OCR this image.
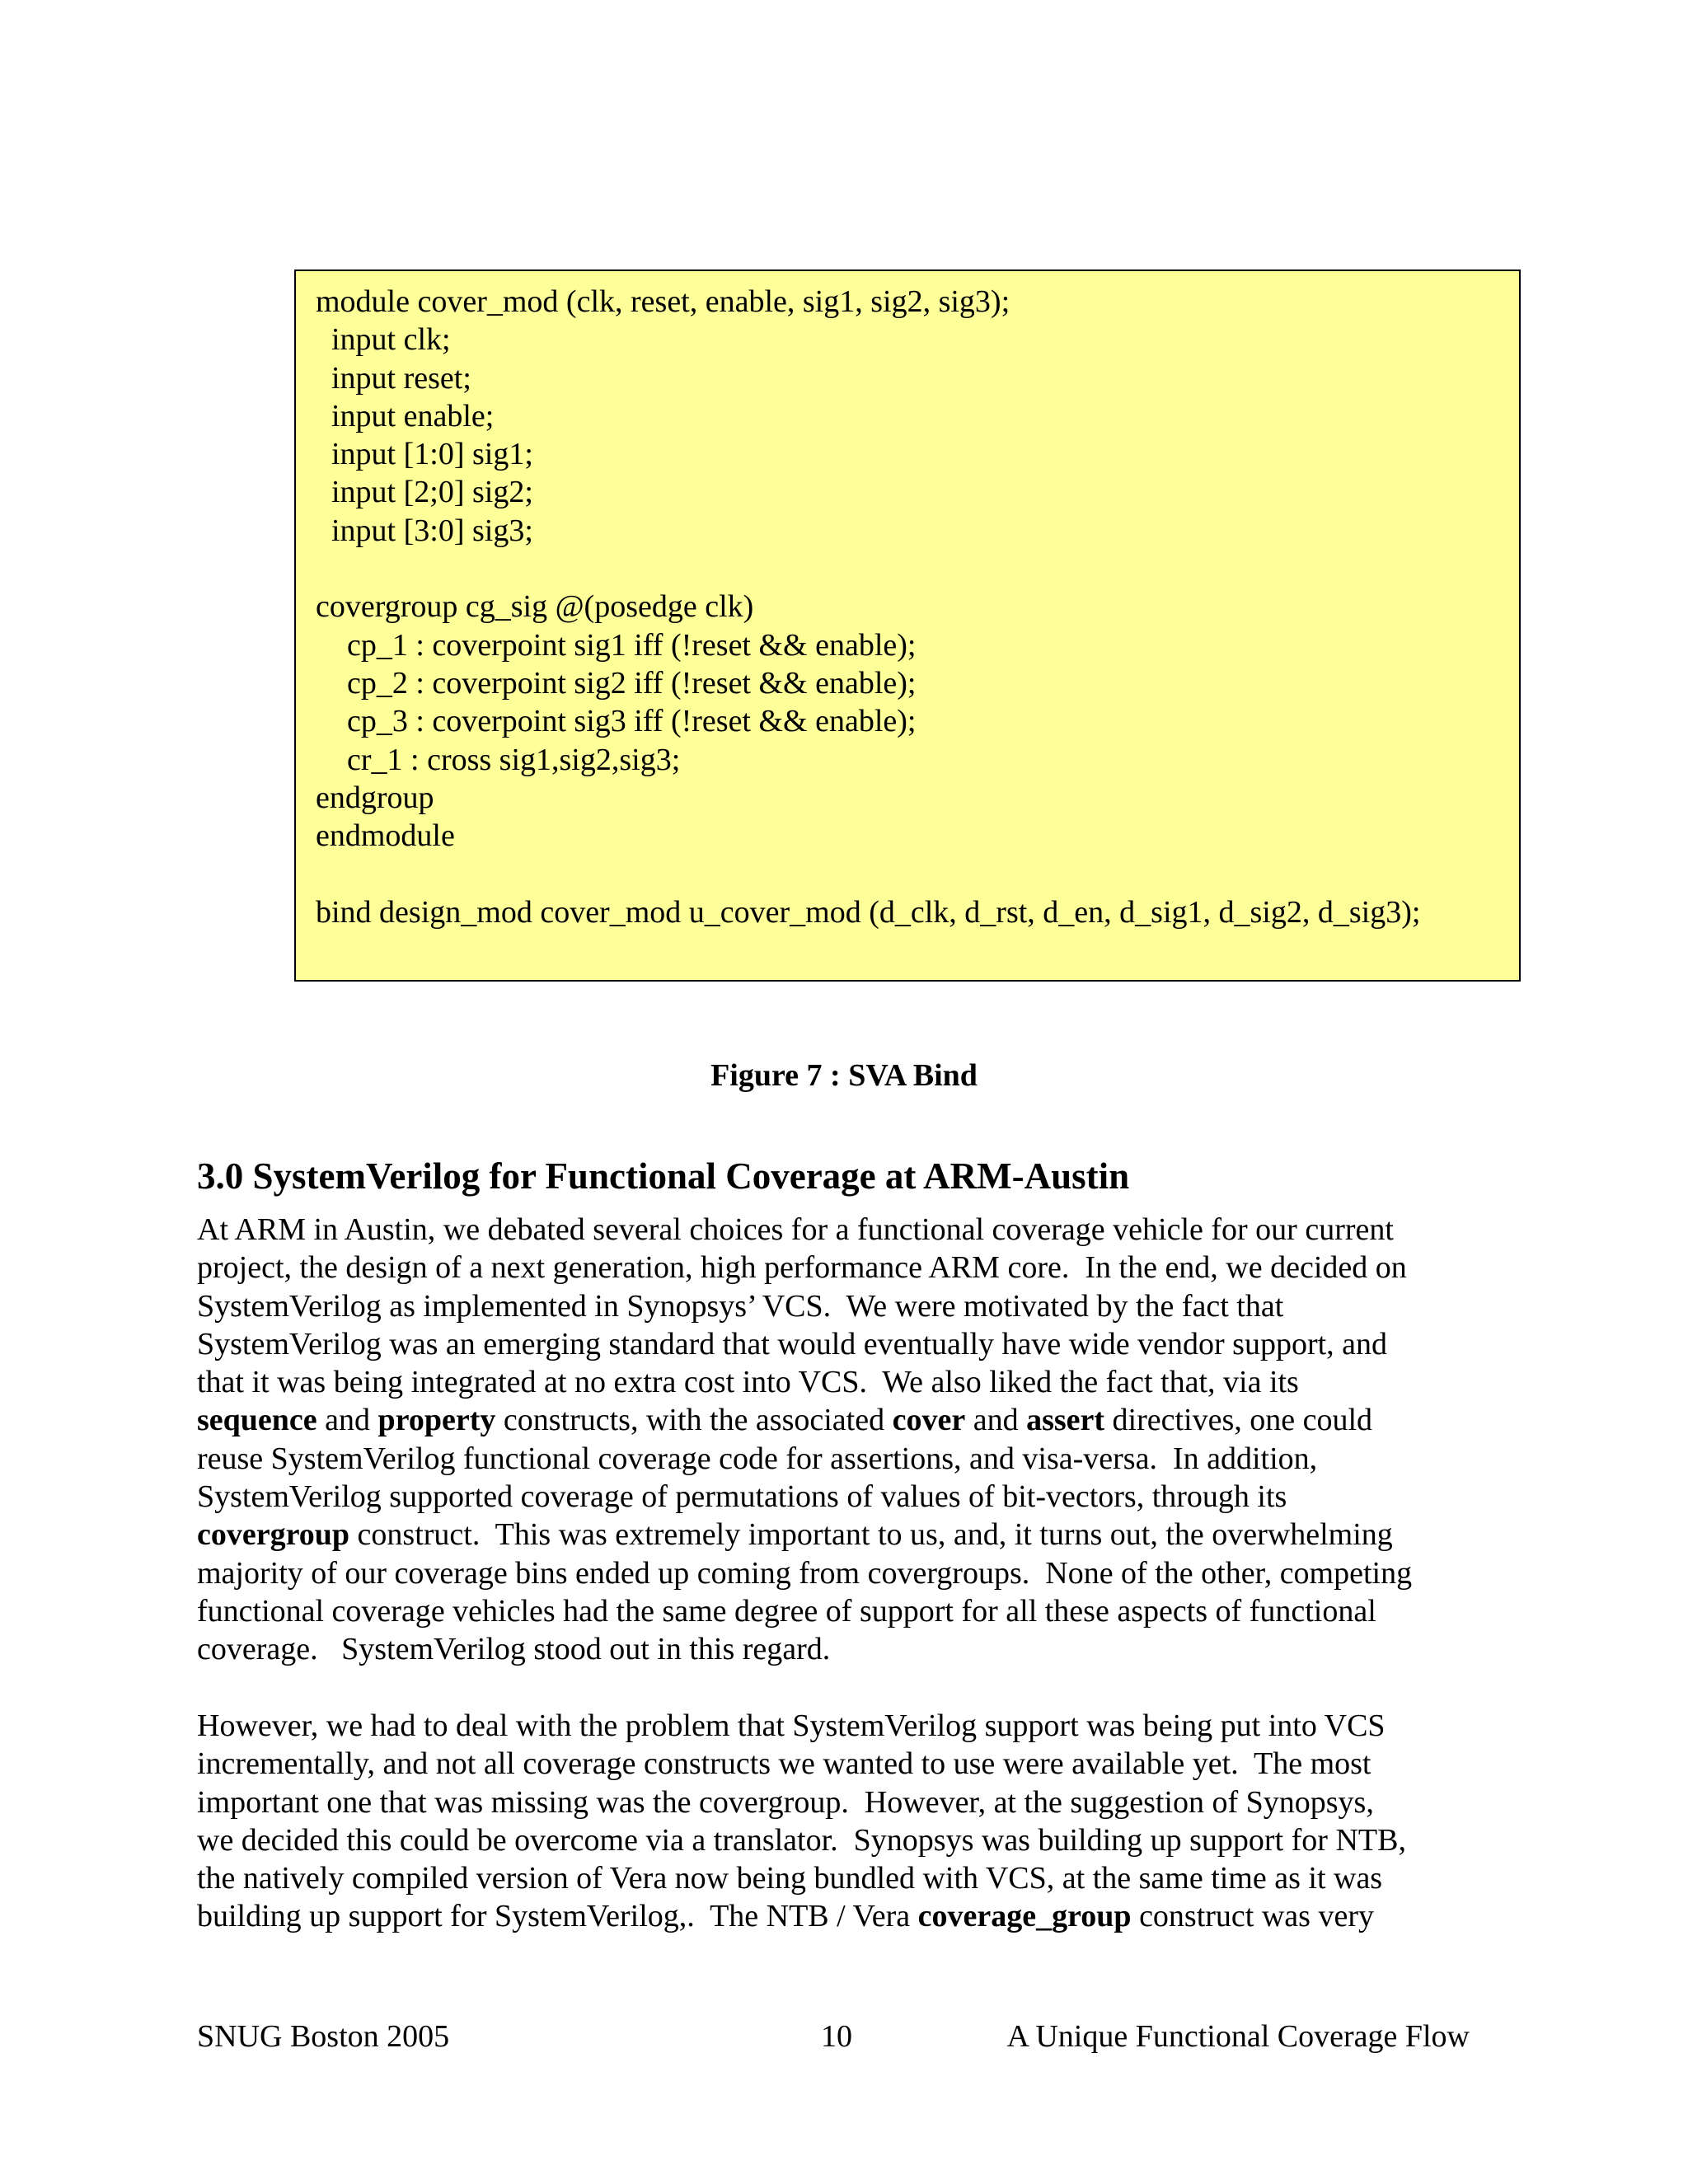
module cover_mod (clk, reset, enable, sig1, sig2, sig3);
input clk;
input reset;
input enable;
input [1:0] sig1;
input [2;0] sig2;
input [3:0] sig3;
covergroup cg_sig @(posedge clk)
cp_1 : coverpoint sig1 iff (!reset && enable);
cp_2 : coverpoint sig2 iff (!reset && enable);
cp_3 : coverpoint sig3 iff (!reset && enable);
cr_1 : cross sig1,sig2,sig3;
endgroup
endmodule
bind design_mod cover_mod u_cover_mod (d_clk, d_rst, d_en, d_sig1, d_sig2, d_sig3);
Figure 7 : SVA Bind
3.0 SystemVerilog for Functional Coverage at ARM-Austin
At ARM in Austin, we debated several choices for a functional coverage vehicle for our current
project, the design of a next generation, high performance ARM core.  In the end, we decided on
SystemVerilog as implemented in Synopsys’ VCS.  We were motivated by the fact that
SystemVerilog was an emerging standard that would eventually have wide vendor support, and
that it was being integrated at no extra cost into VCS.  We also liked the fact that, via its
sequence and property constructs, with the associated cover and assert directives, one could
reuse SystemVerilog functional coverage code for assertions, and visa-versa.  In addition,
SystemVerilog supported coverage of permutations of values of bit-vectors, through its
covergroup construct.  This was extremely important to us, and, it turns out, the overwhelming
majority of our coverage bins ended up coming from covergroups.  None of the other, competing
functional coverage vehicles had the same degree of support for all these aspects of functional
coverage.   SystemVerilog stood out in this regard.
However, we had to deal with the problem that SystemVerilog support was being put into VCS
incrementally, and not all coverage constructs we wanted to use were available yet.  The most
important one that was missing was the covergroup.  However, at the suggestion of Synopsys,
we decided this could be overcome via a translator.  Synopsys was building up support for NTB,
the natively compiled version of Vera now being bundled with VCS, at the same time as it was
building up support for SystemVerilog,.  The NTB / Vera coverage_group construct was very
SNUG Boston 2005	10	A Unique Functional Coverage Flow
